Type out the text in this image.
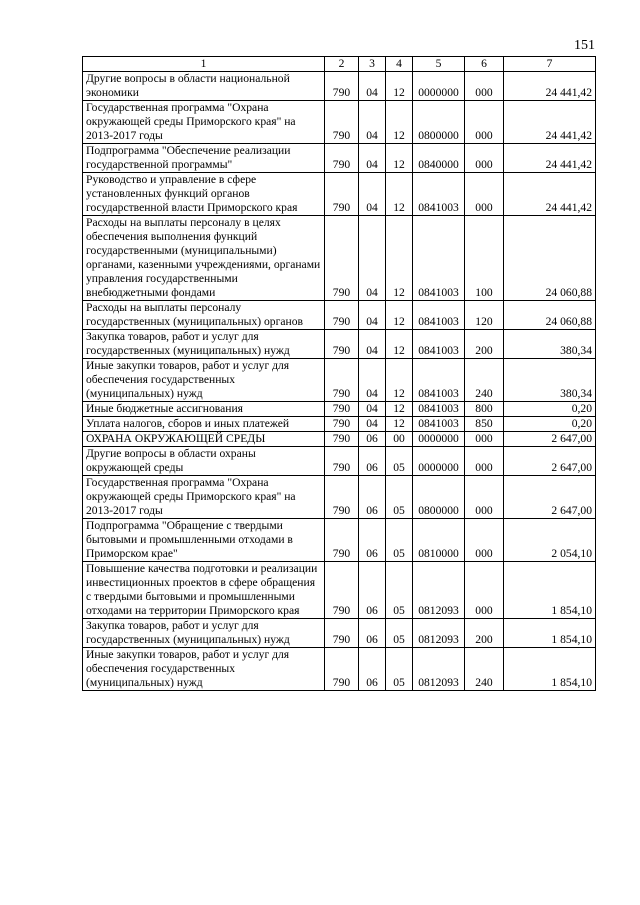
151
1	2	3	4	5	6	7
Другие вопросы в области национальной экономики	790	04	12	0000000	000	24 441,42
Государственная программа "Охрана окружающей среды Приморского края" на 2013-2017 годы	790	04	12	0800000	000	24 441,42
Подпрограмма "Обеспечение реализации государственной программы"	790	04	12	0840000	000	24 441,42
Руководство и управление в сфере установленных функций органов государственной власти Приморского края	790	04	12	0841003	000	24 441,42
Расходы на выплаты персоналу в целях обеспечения выполнения функций государственными (муниципальными) органами, казенными учреждениями, органами управления государственными внебюджетными фондами	790	04	12	0841003	100	24 060,88
Расходы на выплаты персоналу государственных (муниципальных) органов	790	04	12	0841003	120	24 060,88
Закупка товаров, работ и услуг для государственных (муниципальных) нужд	790	04	12	0841003	200	380,34
Иные закупки товаров, работ и услуг для обеспечения государственных (муниципальных) нужд	790	04	12	0841003	240	380,34
Иные бюджетные ассигнования	790	04	12	0841003	800	0,20
Уплата налогов, сборов и иных платежей	790	04	12	0841003	850	0,20
ОХРАНА ОКРУЖАЮЩЕЙ СРЕДЫ	790	06	00	0000000	000	2 647,00
Другие вопросы в области охраны окружающей среды	790	06	05	0000000	000	2 647,00
Государственная программа "Охрана окружающей среды Приморского края" на 2013-2017 годы	790	06	05	0800000	000	2 647,00
Подпрограмма "Обращение с твердыми бытовыми и промышленными отходами в Приморском крае"	790	06	05	0810000	000	2 054,10
Повышение качества подготовки и реализации инвестиционных проектов в сфере обращения с твердыми бытовыми и промышленными отходами на территории Приморского края	790	06	05	0812093	000	1 854,10
Закупка товаров, работ и услуг для государственных (муниципальных) нужд	790	06	05	0812093	200	1 854,10
Иные закупки товаров, работ и услуг для обеспечения государственных (муниципальных) нужд	790	06	05	0812093	240	1 854,10
